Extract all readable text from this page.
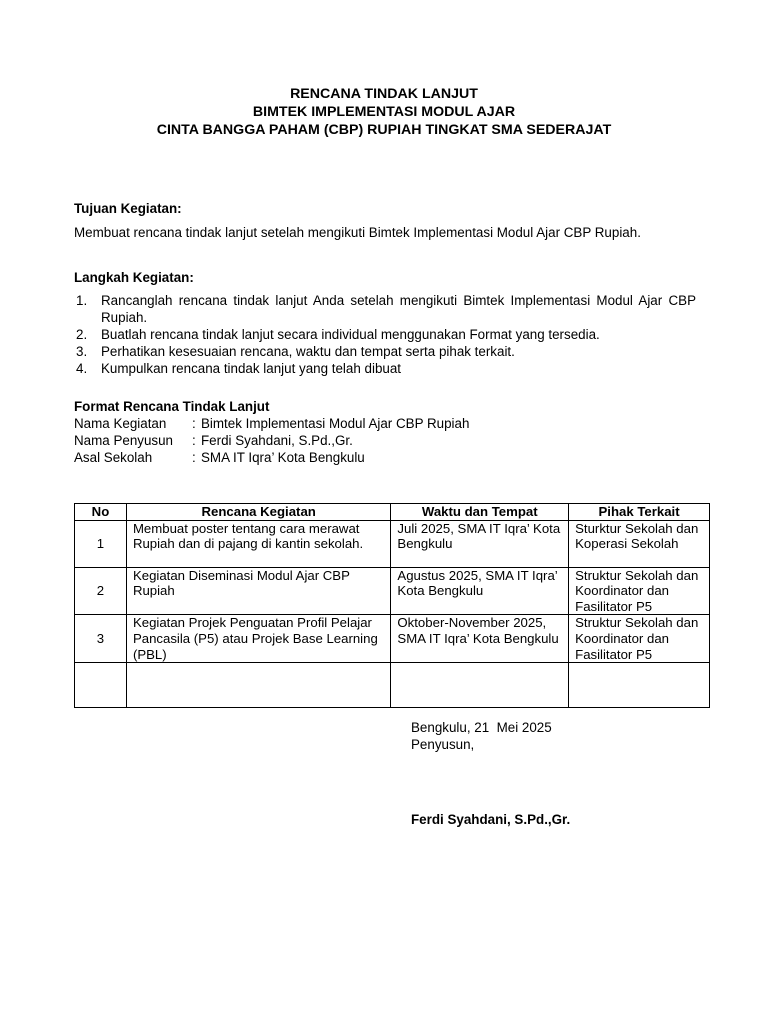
RENCANA TINDAK LANJUT
BIMTEK IMPLEMENTASI MODUL AJAR
CINTA BANGGA PAHAM (CBP) RUPIAH TINGKAT SMA SEDERAJAT
Tujuan Kegiatan:
Membuat rencana tindak lanjut setelah mengikuti Bimtek Implementasi Modul Ajar CBP Rupiah.
Langkah Kegiatan:
1. Rancanglah rencana tindak lanjut Anda setelah mengikuti Bimtek Implementasi Modul Ajar CBP Rupiah.
2. Buatlah rencana tindak lanjut secara individual menggunakan Format yang tersedia.
3. Perhatikan kesesuaian rencana, waktu dan tempat serta pihak terkait.
4. Kumpulkan rencana tindak lanjut yang telah dibuat
Format Rencana Tindak Lanjut
Nama Kegiatan	: Bimtek Implementasi Modul Ajar CBP Rupiah
Nama Penyusun	: Ferdi Syahdani, S.Pd.,Gr.
Asal Sekolah	: SMA IT Iqra’ Kota Bengkulu
No	Rencana Kegiatan	Waktu dan Tempat	Pihak Terkait
1	Membuat poster tentang cara merawat Rupiah dan di pajang di kantin sekolah.	Juli 2025, SMA IT Iqra’ Kota Bengkulu	Sturktur Sekolah dan Koperasi Sekolah
2	Kegiatan Diseminasi Modul Ajar CBP Rupiah	Agustus 2025, SMA IT Iqra’ Kota Bengkulu	Struktur Sekolah dan Koordinator dan Fasilitator P5
3	Kegiatan Projek Penguatan Profil Pelajar Pancasila (P5) atau Projek Base Learning (PBL)	Oktober-November 2025, SMA IT Iqra’ Kota Bengkulu	Struktur Sekolah dan Koordinator dan Fasilitator P5

Bengkulu, 21  Mei 2025
Penyusun,
Ferdi Syahdani, S.Pd.,Gr.
